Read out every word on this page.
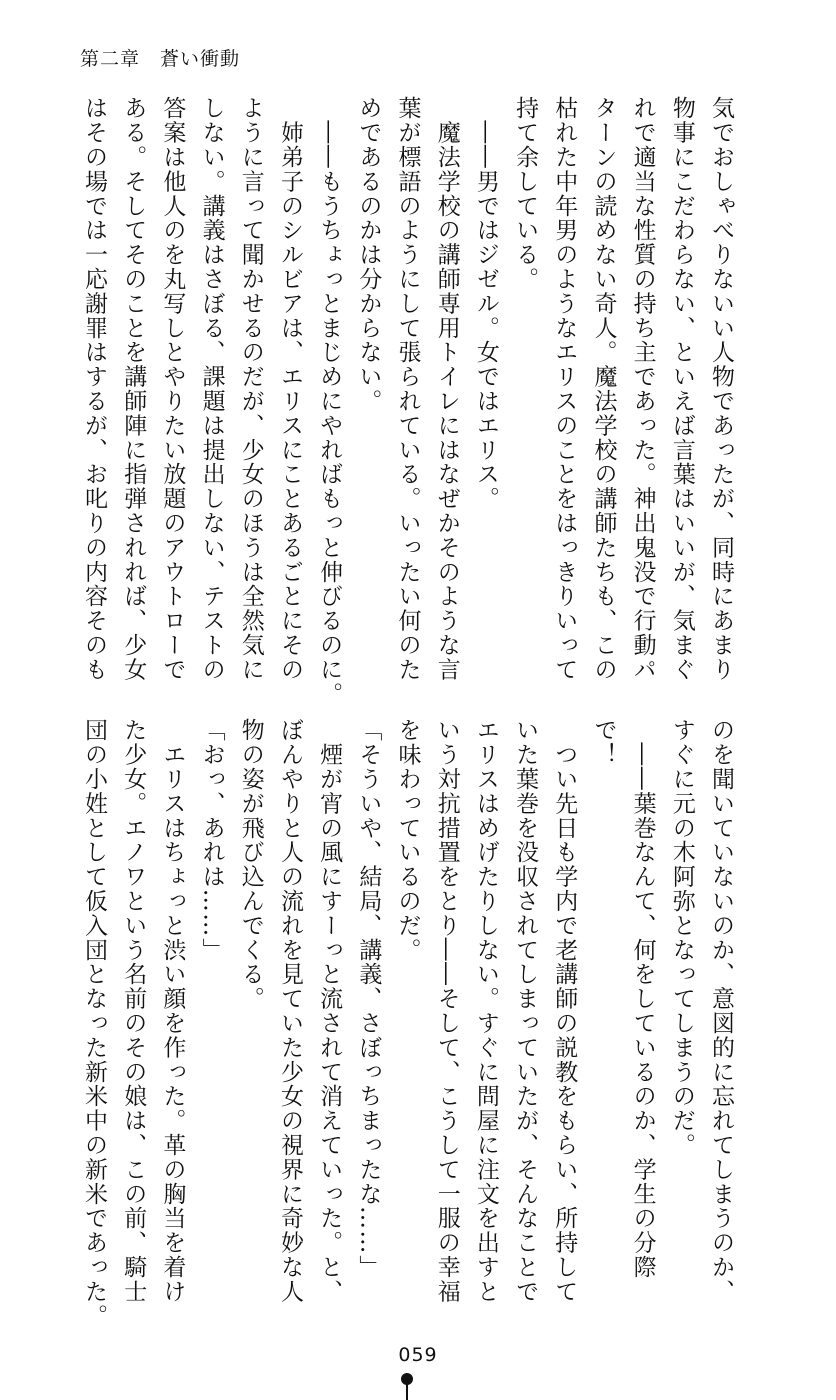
第二章　蒼い衝動
気でおしゃべりないい人物であったが、同時にあまり
物事にこだわらない、といえば言葉はいいが、気まぐ
れで適当な性質の持ち主であった。神出鬼没で行動パ
ターンの読めない奇人。魔法学校の講師たちも、この
枯れた中年男のようなエリスのことをはっきりいって
持て余している。
　――男ではジゼル。女ではエリス。
　魔法学校の講師専用トイレにはなぜかそのような言
葉が標語のようにして張られている。いったい何のた
めであるのかは分からない。
　――もうちょっとまじめにやればもっと伸びるのに。
　姉弟子のシルビアは、エリスにことあるごとにその
ように言って聞かせるのだが、少女のほうは全然気に
しない。講義はさぼる、課題は提出しない、テストの
答案は他人のを丸写しとやりたい放題のアウトローで
ある。そしてそのことを講師陣に指弾されれば、少女
はその場では一応謝罪はするが、お叱りの内容そのも
のを聞いていないのか、意図的に忘れてしまうのか、
すぐに元の木阿弥となってしまうのだ。
　――葉巻なんて、何をしているのか、学生の分際
で！
　つい先日も学内で老講師の説教をもらい、所持して
いた葉巻を没収されてしまっていたが、そんなことで
エリスはめげたりしない。すぐに問屋に注文を出すと
いう対抗措置をとり――そして、こうして一服の幸福
を味わっているのだ。
「そういや、結局、講義、さぼっちまったな……」
　煙が宵の風にすーっと流されて消えていった。と、
ぼんやりと人の流れを見ていた少女の視界に奇妙な人
物の姿が飛び込んでくる。
「おっ、あれは……」
　エリスはちょっと渋い顔を作った。革の胸当を着け
た少女。エノワという名前のその娘は、この前、騎士
団の小姓として仮入団となった新米中の新米であった。
059
